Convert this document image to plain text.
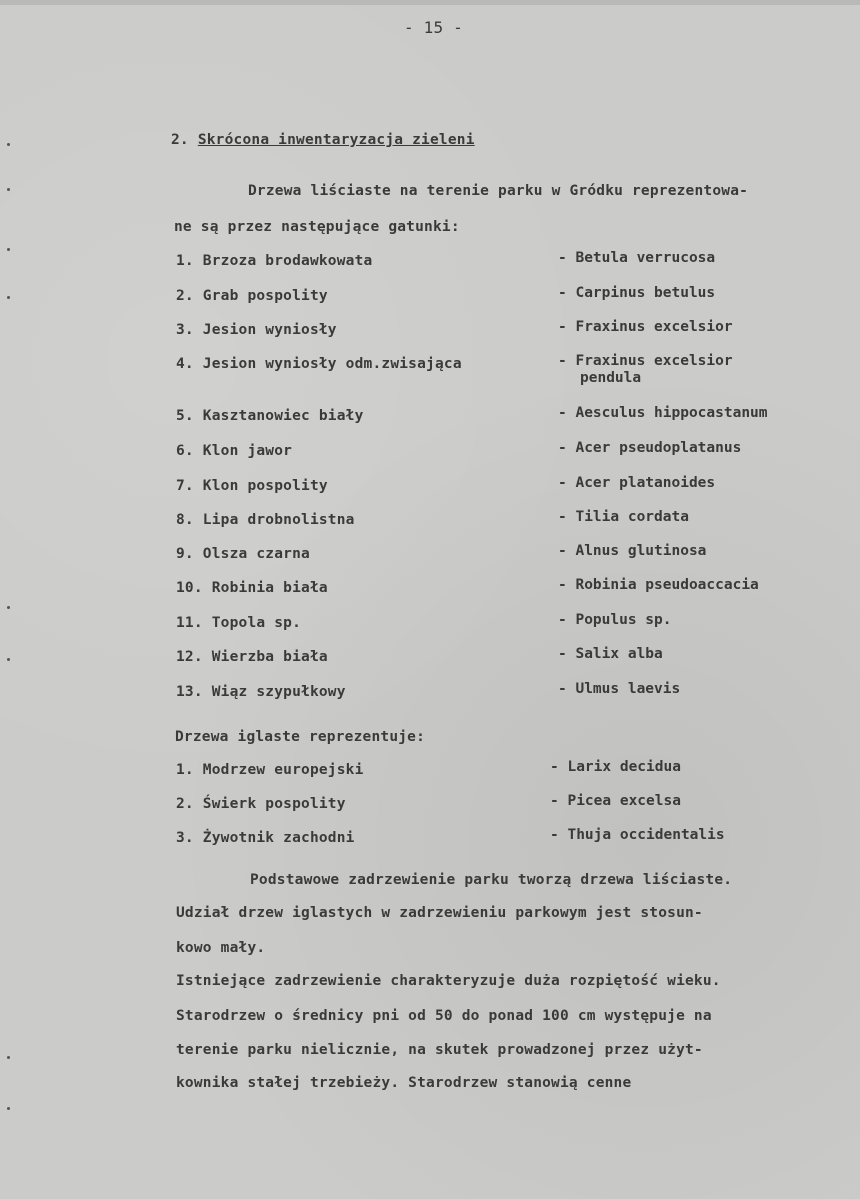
- 15 -
2. Skrócona inwentaryzacja zieleni
Drzewa liściaste na terenie parku w Gródku reprezentowa-
ne są przez następujące gatunki:
1. Brzoza brodawkowata	- Betula verrucosa
2. Grab pospolity	- Carpinus betulus
3. Jesion wyniosły	- Fraxinus excelsior
4. Jesion wyniosły odm.zwisająca	- Fraxinus excelsior
pendula
5. Kasztanowiec biały	- Aesculus hippocastanum
6. Klon jawor	- Acer pseudoplatanus
7. Klon pospolity	- Acer platanoides
8. Lipa drobnolistna	- Tilia cordata
9. Olsza czarna	- Alnus glutinosa
10. Robinia biała	- Robinia pseudoaccacia
11. Topola sp.	- Populus sp.
12. Wierzba biała	- Salix alba
13. Wiąz szypułkowy	- Ulmus laevis
Drzewa iglaste reprezentuje:
1. Modrzew europejski	- Larix decidua
2. Świerk pospolity	- Picea excelsa
3. Żywotnik zachodni	- Thuja occidentalis
Podstawowe zadrzewienie parku tworzą drzewa liściaste.
Udział drzew iglastych w zadrzewieniu parkowym jest stosun-
kowo mały.
Istniejące zadrzewienie charakteryzuje duża rozpiętość wieku.
Starodrzew o średnicy pni od 50 do ponad 100 cm występuje na
terenie parku nielicznie, na skutek prowadzonej przez użyt-
kownika stałej trzebieży. Starodrzew stanowią cenne
